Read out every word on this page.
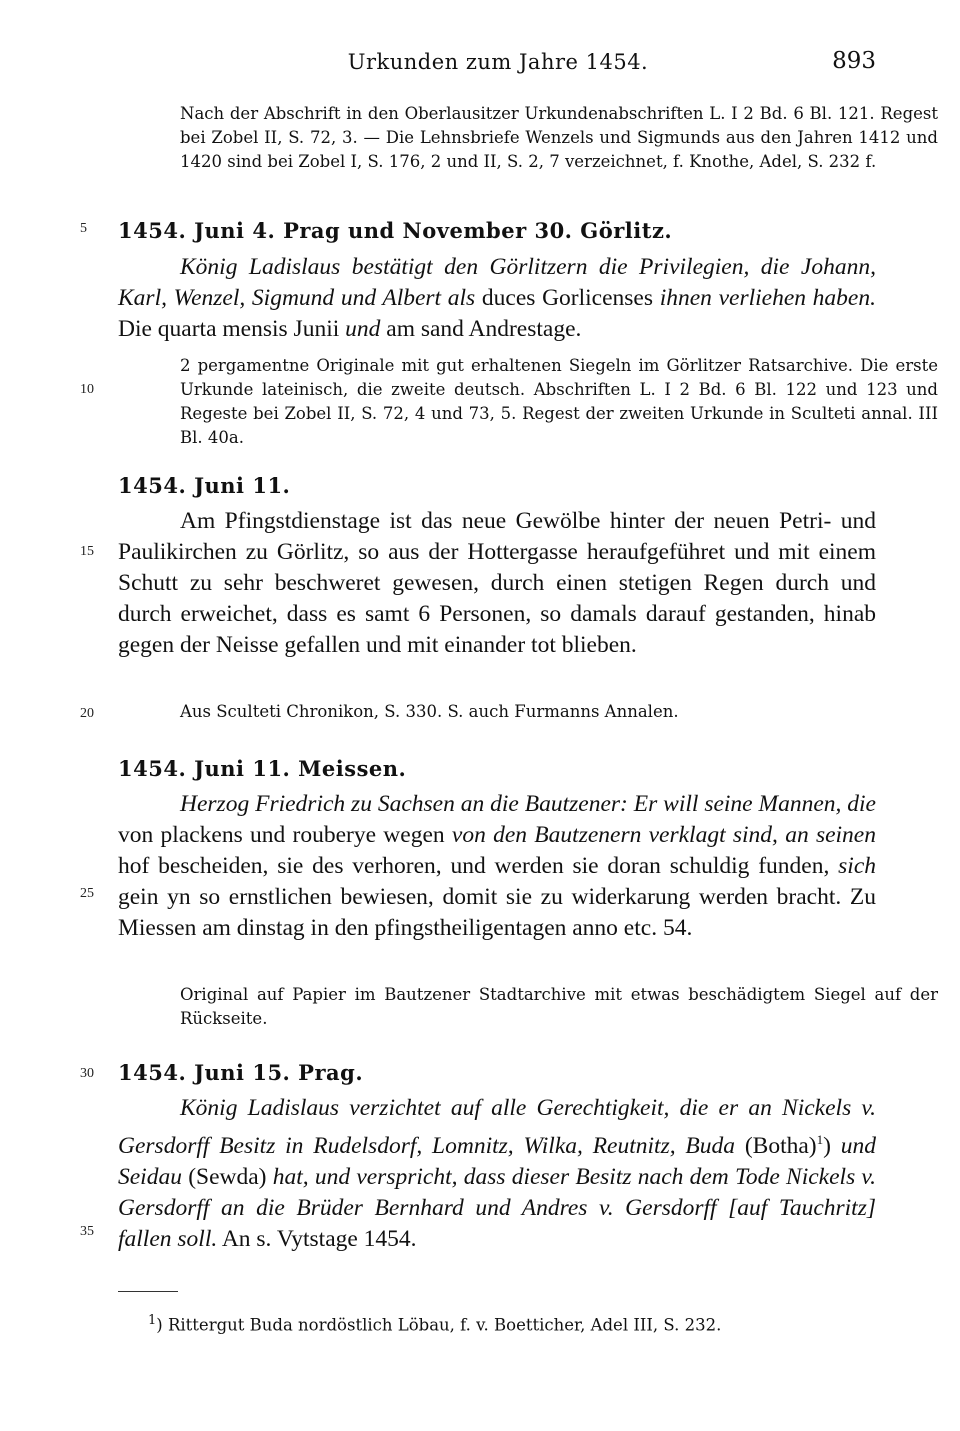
Urkunden zum Jahre 1454.	893
Nach der Abschrift in den Oberlausitzer Urkundenabschriften L. I 2 Bd. 6 Bl. 121. Regest bei Zobel II, S. 72, 3. — Die Lehnsbriefe Wenzels und Sigmunds aus den Jahren 1412 und 1420 sind bei Zobel I, S. 176, 2 und II, S. 2, 7 verzeichnet, f. Knothe, Adel, S. 232 f.
5
10
15
20
25
30
35
1454. Juni 4. Prag und November 30. Görlitz.
König Ladislaus bestätigt den Görlitzern die Privilegien, die Johann, Karl, Wenzel, Sigmund und Albert als duces Gorlicenses ihnen verliehen haben. Die quarta mensis Junii und am sand Andrestage.
2 pergamentne Originale mit gut erhaltenen Siegeln im Görlitzer Ratsarchive. Die erste Urkunde lateinisch, die zweite deutsch. Abschriften L. I 2 Bd. 6 Bl. 122 und 123 und Regeste bei Zobel II, S. 72, 4 und 73, 5. Regest der zweiten Urkunde in Sculteti annal. III Bl. 40a.
1454. Juni 11.
Am Pfingstdienstage ist das neue Gewölbe hinter der neuen Petri- und Paulikirchen zu Görlitz, so aus der Hottergasse heraufgeführet und mit einem Schutt zu sehr beschweret gewesen, durch einen stetigen Regen durch und durch erweichet, dass es samt 6 Personen, so damals darauf gestanden, hinab gegen der Neisse gefallen und mit einander tot blieben.
Aus Sculteti Chronikon, S. 330. S. auch Furmanns Annalen.
1454. Juni 11. Meissen.
Herzog Friedrich zu Sachsen an die Bautzener: Er will seine Mannen, die von plackens und rouberye wegen von den Bautzenern verklagt sind, an seinen hof bescheiden, sie des verhoren, und werden sie doran schuldig funden, sich gein yn so ernstlichen bewiesen, domit sie zu widerkarung werden bracht. Zu Miessen am dinstag in den pfingstheiligentagen anno etc. 54.
Original auf Papier im Bautzener Stadtarchive mit etwas beschädigtem Siegel auf der Rückseite.
1454. Juni 15. Prag.
König Ladislaus verzichtet auf alle Gerechtigkeit, die er an Nickels v. Gersdorff Besitz in Rudelsdorf, Lomnitz, Wilka, Reutnitz, Buda (Botha)$^1$) und Seidau (Sewda) hat, und verspricht, dass dieser Besitz nach dem Tode Nickels v. Gersdorff an die Brüder Bernhard und Andres v. Gersdorff [auf Tauchritz] fallen soll. An s. Vytstage 1454.
$^1$) Rittergut Buda nordöstlich Löbau, f. v. Boetticher, Adel III, S. 232.
